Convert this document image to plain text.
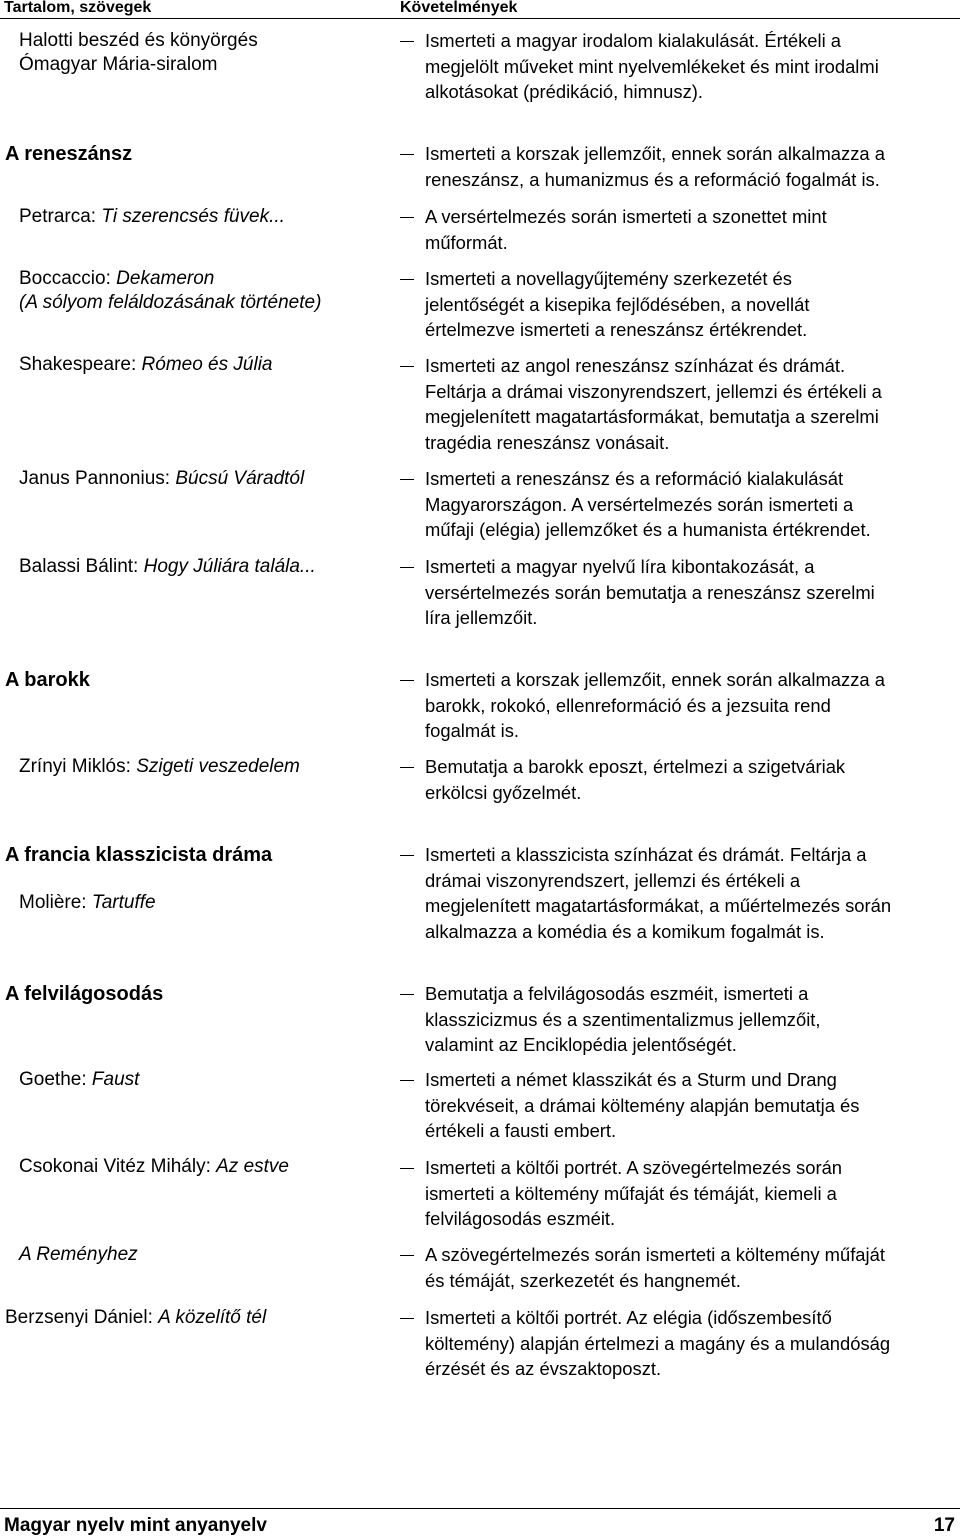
Tartalom, szövegek	Követelmények
Halotti beszéd és könyörgés
Ómagyar Mária-siralom
A reneszánsz
Petrarca: Ti szerencsés füvek...
Boccaccio: Dekameron
(A sólyom feláldozásának története)
Shakespeare: Rómeo és Júlia
Janus Pannonius: Búcsú Váradtól
Balassi Bálint: Hogy Júliára talála...
A barokk
Zrínyi Miklós: Szigeti veszedelem
A francia klasszicista dráma
Molière: Tartuffe
A felvilágosodás
Goethe: Faust
Csokonai Vitéz Mihály: Az estve
A Reményhez
Berzsenyi Dániel: A közelítő tél
Ismerteti a magyar irodalom kialakulását. Értékeli a
megjelölt műveket mint nyelvemlékeket és mint irodalmi
alkotásokat (prédikáció, himnusz).
Ismerteti a korszak jellemzőit, ennek során alkalmazza a
reneszánsz, a humanizmus és a reformáció fogalmát is.
A versértelmezés során ismerteti a szonettet mint
műformát.
Ismerteti a novellagyűjtemény szerkezetét és
jelentőségét a kisepika fejlődésében, a novellát
értelmezve ismerteti a reneszánsz értékrendet.
Ismerteti az angol reneszánsz színházat és drámát.
Feltárja a drámai viszonyrendszert, jellemzi és értékeli a
megjelenített magatartásformákat, bemutatja a szerelmi
tragédia reneszánsz vonásait.
Ismerteti a reneszánsz és a reformáció kialakulását
Magyarországon. A versértelmezés során ismerteti a
műfaji (elégia) jellemzőket és a humanista értékrendet.
Ismerteti a magyar nyelvű líra kibontakozását, a
versértelmezés során bemutatja a reneszánsz szerelmi
líra jellemzőit.
Ismerteti a korszak jellemzőit, ennek során alkalmazza a
barokk, rokokó, ellenreformáció és a jezsuita rend
fogalmát is.
Bemutatja a barokk eposzt, értelmezi a szigetváriak
erkölcsi győzelmét.
Ismerteti a klasszicista színházat és drámát. Feltárja a
drámai viszonyrendszert, jellemzi és értékeli a
megjelenített magatartásformákat, a műértelmezés során
alkalmazza a komédia és a komikum fogalmát is.
Bemutatja a felvilágosodás eszméit, ismerteti a
klasszicizmus és a szentimentalizmus jellemzőit,
valamint az Enciklopédia jelentőségét.
Ismerteti a német klasszikát és a Sturm und Drang
törekvéseit, a drámai költemény alapján bemutatja és
értékeli a fausti embert.
Ismerteti a költői portrét. A szövegértelmezés során
ismerteti a költemény műfaját és témáját, kiemeli a
felvilágosodás eszméit.
A szövegértelmezés során ismerteti a költemény műfaját
és témáját, szerkezetét és hangnemét.
Ismerteti a költői portrét. Az elégia (időszembesítő
költemény) alapján értelmezi a magány és a mulandóság
érzését és az évszaktoposzt.
Magyar nyelv mint anyanyelv	17
